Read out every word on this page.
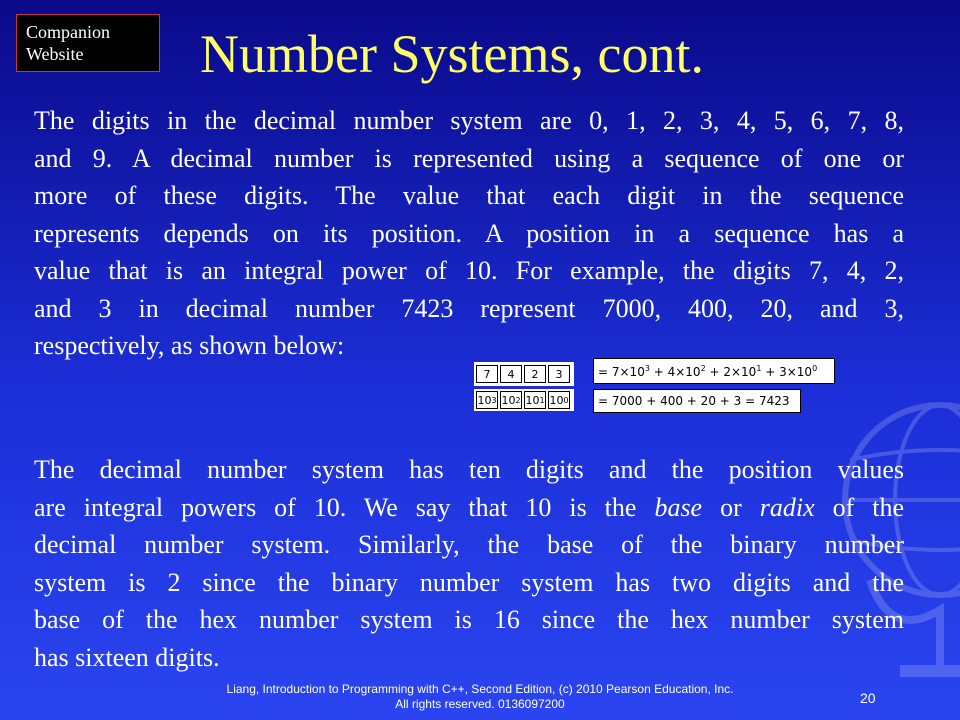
Companion
Website	Number Systems, cont.

The digits in the decimal number system are 0, 1, 2, 3, 4, 5, 6, 7, 8,
and 9. A decimal number is represented using a sequence of one or
more of these digits. The value that each digit in the sequence
represents depends on its position. A position in a sequence has a
value that is an integral power of 10. For example, the digits 7, 4, 2,
and 3 in decimal number 7423 represent 7000, 400, 20, and 3,
respectively, as shown below:

7	4	2	3
10 3 10 2 10 1 10 0
= $7\times 10^3 + 4\times 10^2 + 2\times 10^1 + 3\times 10^0$
= 7000 + 400 + 20 + 3 = 7423

The decimal number system has ten digits and the position values
are integral powers of 10. We say that 10 is the base or radix of the
decimal number system. Similarly, the base of the binary number
system is 2 since the binary number system has two digits and the
base of the hex number system is 16 since the hex number system
has sixteen digits.

Liang, Introduction to Programming with C++, Second Edition, (c) 2010 Pearson Education, Inc.
All rights reserved. 0136097200	20
